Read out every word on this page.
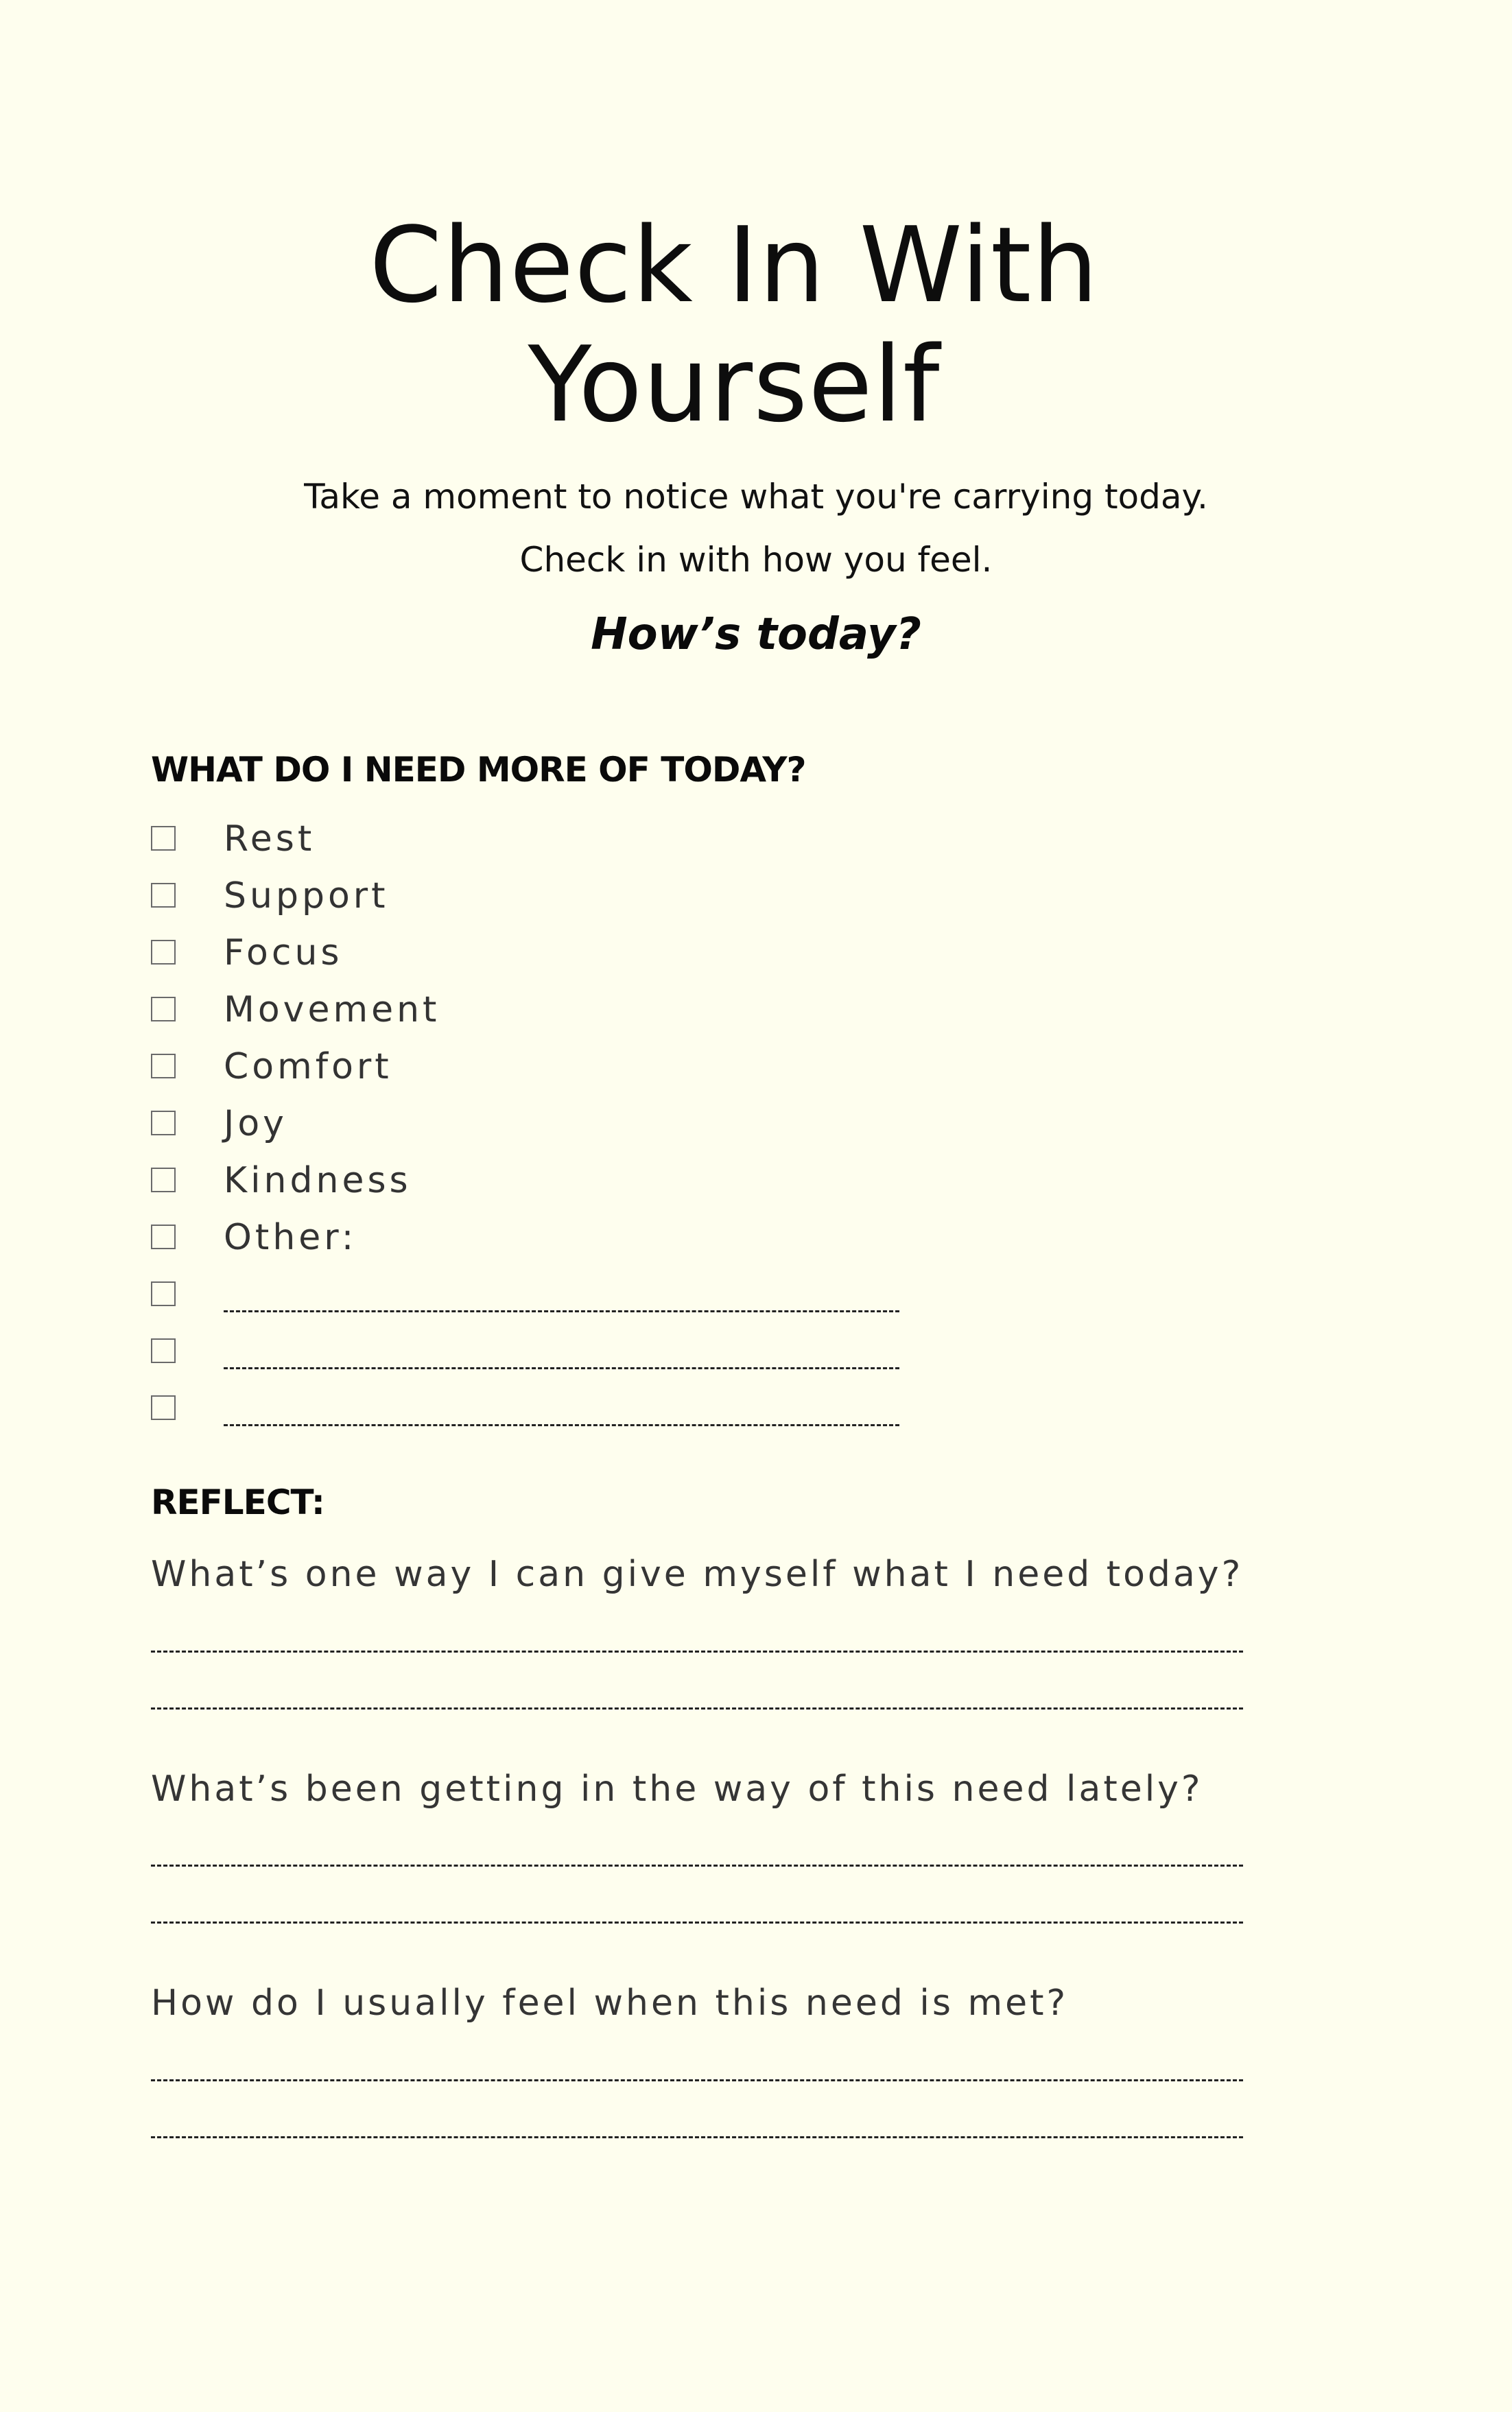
Check In With Yourself

Take a moment to notice what you're carrying today.

Check in with how you feel.

How’s today?

WHAT DO I NEED MORE OF TODAY?
Rest
Support
Focus
Movement
Comfort
Joy
Kindness
Other:
REFLECT:

What’s one way I can give myself what I need today?

What’s been getting in the way of this need lately?

How do I usually feel when this need is met?
